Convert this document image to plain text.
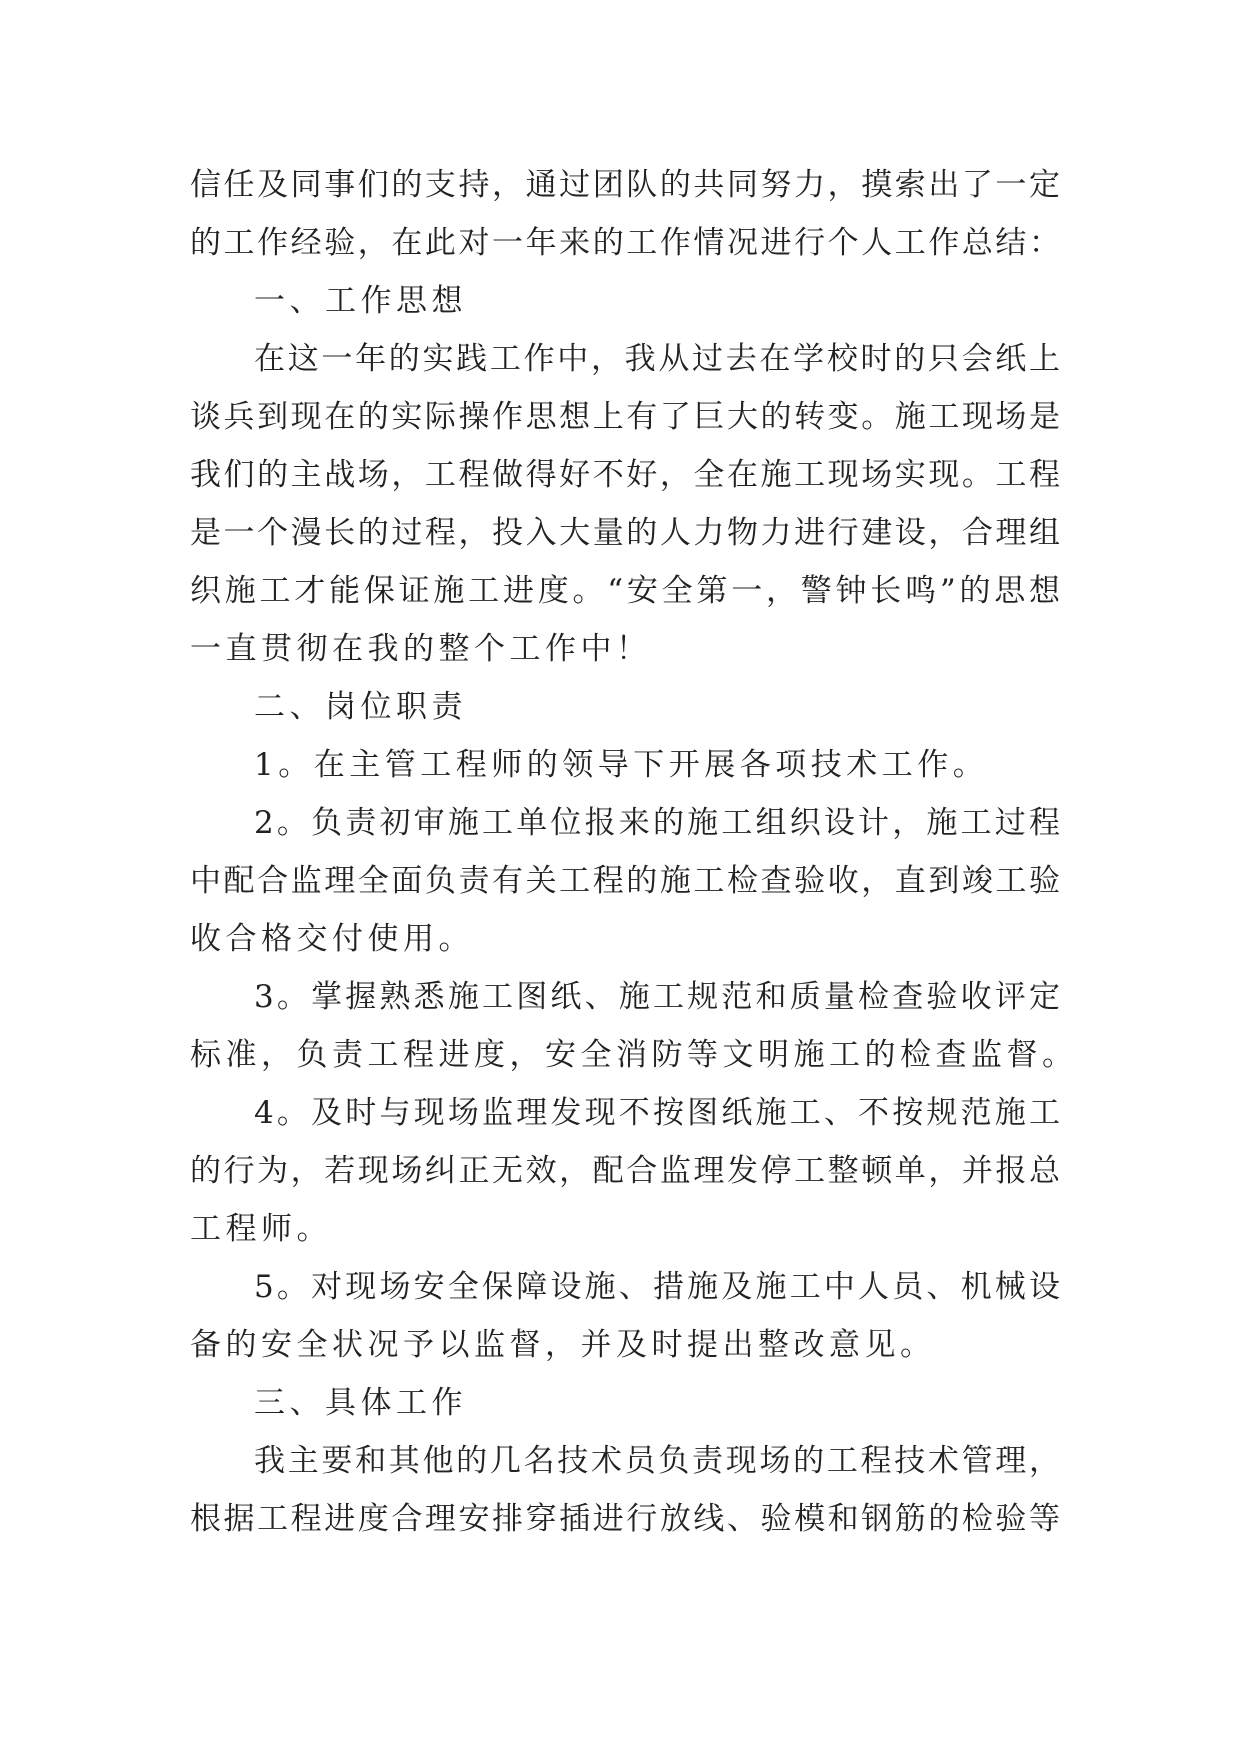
信任及同事们的支持，通过团队的共同努力，摸索出了一定
的工作经验，在此对一年来的工作情况进行个人工作总结：
一、工作思想
在这一年的实践工作中，我从过去在学校时的只会纸上
谈兵到现在的实际操作思想上有了巨大的转变。施工现场是
我们的主战场，工程做得好不好，全在施工现场实现。工程
是一个漫长的过程，投入大量的人力物力进行建设，合理组
织施工才能保证施工进度。“安全第一，警钟长鸣”的思想
一直贯彻在我的整个工作中！
二、岗位职责
1。在主管工程师的领导下开展各项技术工作。
2。负责初审施工单位报来的施工组织设计，施工过程
中配合监理全面负责有关工程的施工检查验收，直到竣工验
收合格交付使用。
3。掌握熟悉施工图纸、施工规范和质量检查验收评定
标准，负责工程进度，安全消防等文明施工的检查监督。
4。及时与现场监理发现不按图纸施工、不按规范施工
的行为，若现场纠正无效，配合监理发停工整顿单，并报总
工程师。
5。对现场安全保障设施、措施及施工中人员、机械设
备的安全状况予以监督，并及时提出整改意见。
三、具体工作
我主要和其他的几名技术员负责现场的工程技术管理，
根据工程进度合理安排穿插进行放线、验模和钢筋的检验等
